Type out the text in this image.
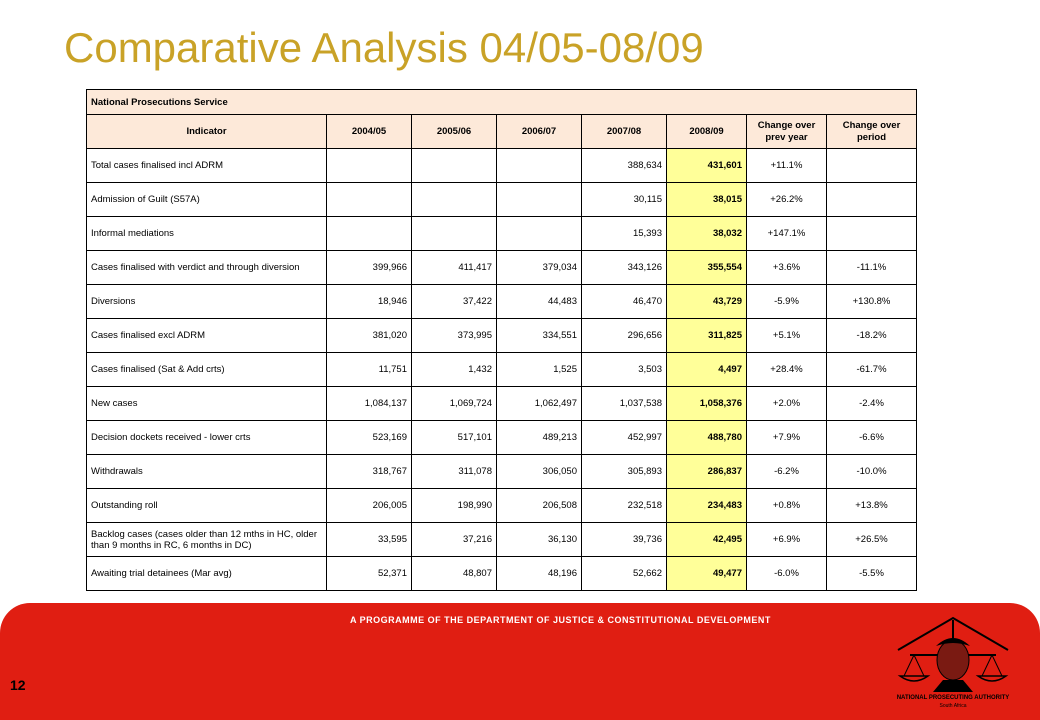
Comparative Analysis 04/05-08/09
National Prosecutions Service							
Indicator	2004/05	2005/06	2006/07	2007/08	2008/09	Change over prev year	Change over period
Total cases finalised incl ADRM				388,634	431,601	+11.1%	
Admission of Guilt (S57A)				30,115	38,015	+26.2%	
Informal mediations				15,393	38,032	+147.1%	
Cases finalised with verdict and through diversion	399,966	411,417	379,034	343,126	355,554	+3.6%	-11.1%
Diversions	18,946	37,422	44,483	46,470	43,729	-5.9%	+130.8%
Cases finalised excl ADRM	381,020	373,995	334,551	296,656	311,825	+5.1%	-18.2%
Cases finalised (Sat & Add crts)	11,751	1,432	1,525	3,503	4,497	+28.4%	-61.7%
New cases	1,084,137	1,069,724	1,062,497	1,037,538	1,058,376	+2.0%	-2.4%
Decision dockets received - lower crts	523,169	517,101	489,213	452,997	488,780	+7.9%	-6.6%
Withdrawals	318,767	311,078	306,050	305,893	286,837	-6.2%	-10.0%
Outstanding roll	206,005	198,990	206,508	232,518	234,483	+0.8%	+13.8%
Backlog cases (cases older than 12 mths in HC, older than 9 months in RC, 6 months in DC)	33,595	37,216	36,130	39,736	42,495	+6.9%	+26.5%
Awaiting trial detainees (Mar avg)	52,371	48,807	48,196	52,662	49,477	-6.0%	-5.5%
A PROGRAMME OF THE DEPARTMENT OF JUSTICE & CONSTITUTIONAL DEVELOPMENT
12
NATIONAL PROSECUTING AUTHORITY
South Africa
